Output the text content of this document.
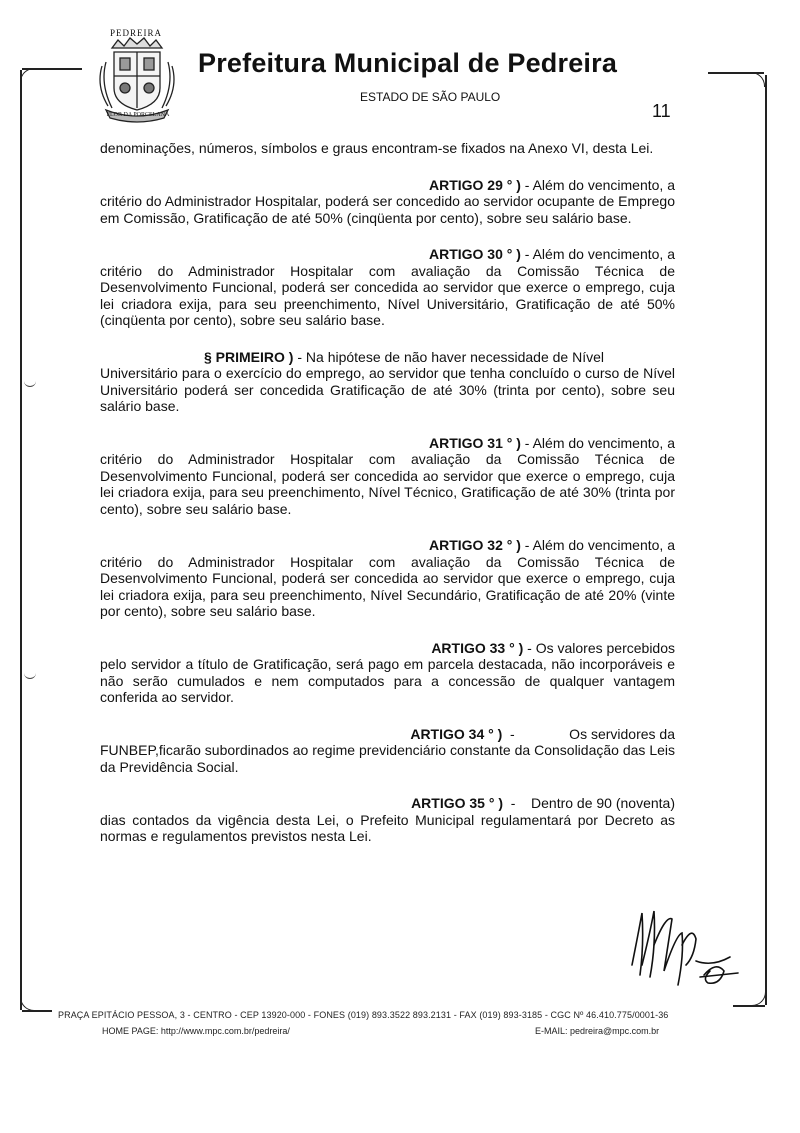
PEDREIRA
FLOR DA PORCELANA
Prefeitura Municipal de Pedreira
ESTADO DE SÃO PAULO
11

denominações, números, símbolos e graus encontram-se fixados na Anexo VI, desta Lei.

ARTIGO 29 ° ) - Além do vencimento, a
critério do Administrador Hospitalar, poderá ser concedido ao servidor ocupante de Emprego em Comissão, Gratificação de até 50% (cinqüenta por cento), sobre seu salário base.

ARTIGO 30 ° ) - Além do vencimento, a
critério do Administrador Hospitalar com avaliação da Comissão Técnica de Desenvolvimento Funcional, poderá ser concedida ao servidor que exerce o emprego, cuja lei criadora exija, para seu preenchimento, Nível Universitário, Gratificação de até 50% (cinqüenta por cento), sobre seu salário base.

§ PRIMEIRO ) - Na hipótese de não haver necessidade de Nível
Universitário para o exercício do emprego, ao servidor que tenha concluído o curso de Nível Universitário poderá ser concedida Gratificação de até 30% (trinta por cento), sobre seu salário base.

ARTIGO 31 ° ) - Além do vencimento, a
critério do Administrador Hospitalar com avaliação da Comissão Técnica de Desenvolvimento Funcional, poderá ser concedida ao servidor que exerce o emprego, cuja lei criadora exija, para seu preenchimento, Nível Técnico, Gratificação de até 30% (trinta por cento), sobre seu salário base.

ARTIGO 32 ° ) - Além do vencimento, a
critério do Administrador Hospitalar com avaliação da Comissão Técnica de Desenvolvimento Funcional, poderá ser concedida ao servidor que exerce o emprego, cuja lei criadora exija, para seu preenchimento, Nível Secundário, Gratificação de até 20% (vinte por cento), sobre seu salário base.

ARTIGO 33 ° ) - Os valores percebidos
pelo servidor a título de Gratificação, será pago em parcela destacada, não incorporáveis e não serão cumulados e nem computados para a concessão de qualquer vantagem conferida ao servidor.

ARTIGO 34 ° )  -              Os servidores da
FUNBEP,ficarão subordinados ao regime previdenciário constante da Consolidação das Leis da Previdência Social.

ARTIGO 35 ° )  -    Dentro de 90 (noventa)
dias contados da vigência desta Lei, o Prefeito Municipal regulamentará por Decreto as normas e regulamentos previstos nesta Lei.

PRAÇA EPITÁCIO PESSOA, 3 - CENTRO - CEP 13920-000 - FONES (019) 893.3522 893.2131 - FAX (019) 893-3185 - CGC Nº 46.410.775/0001-36
HOME PAGE: http://www.mpc.com.br/pedreira/	E-MAIL: pedreira@mpc.com.br
